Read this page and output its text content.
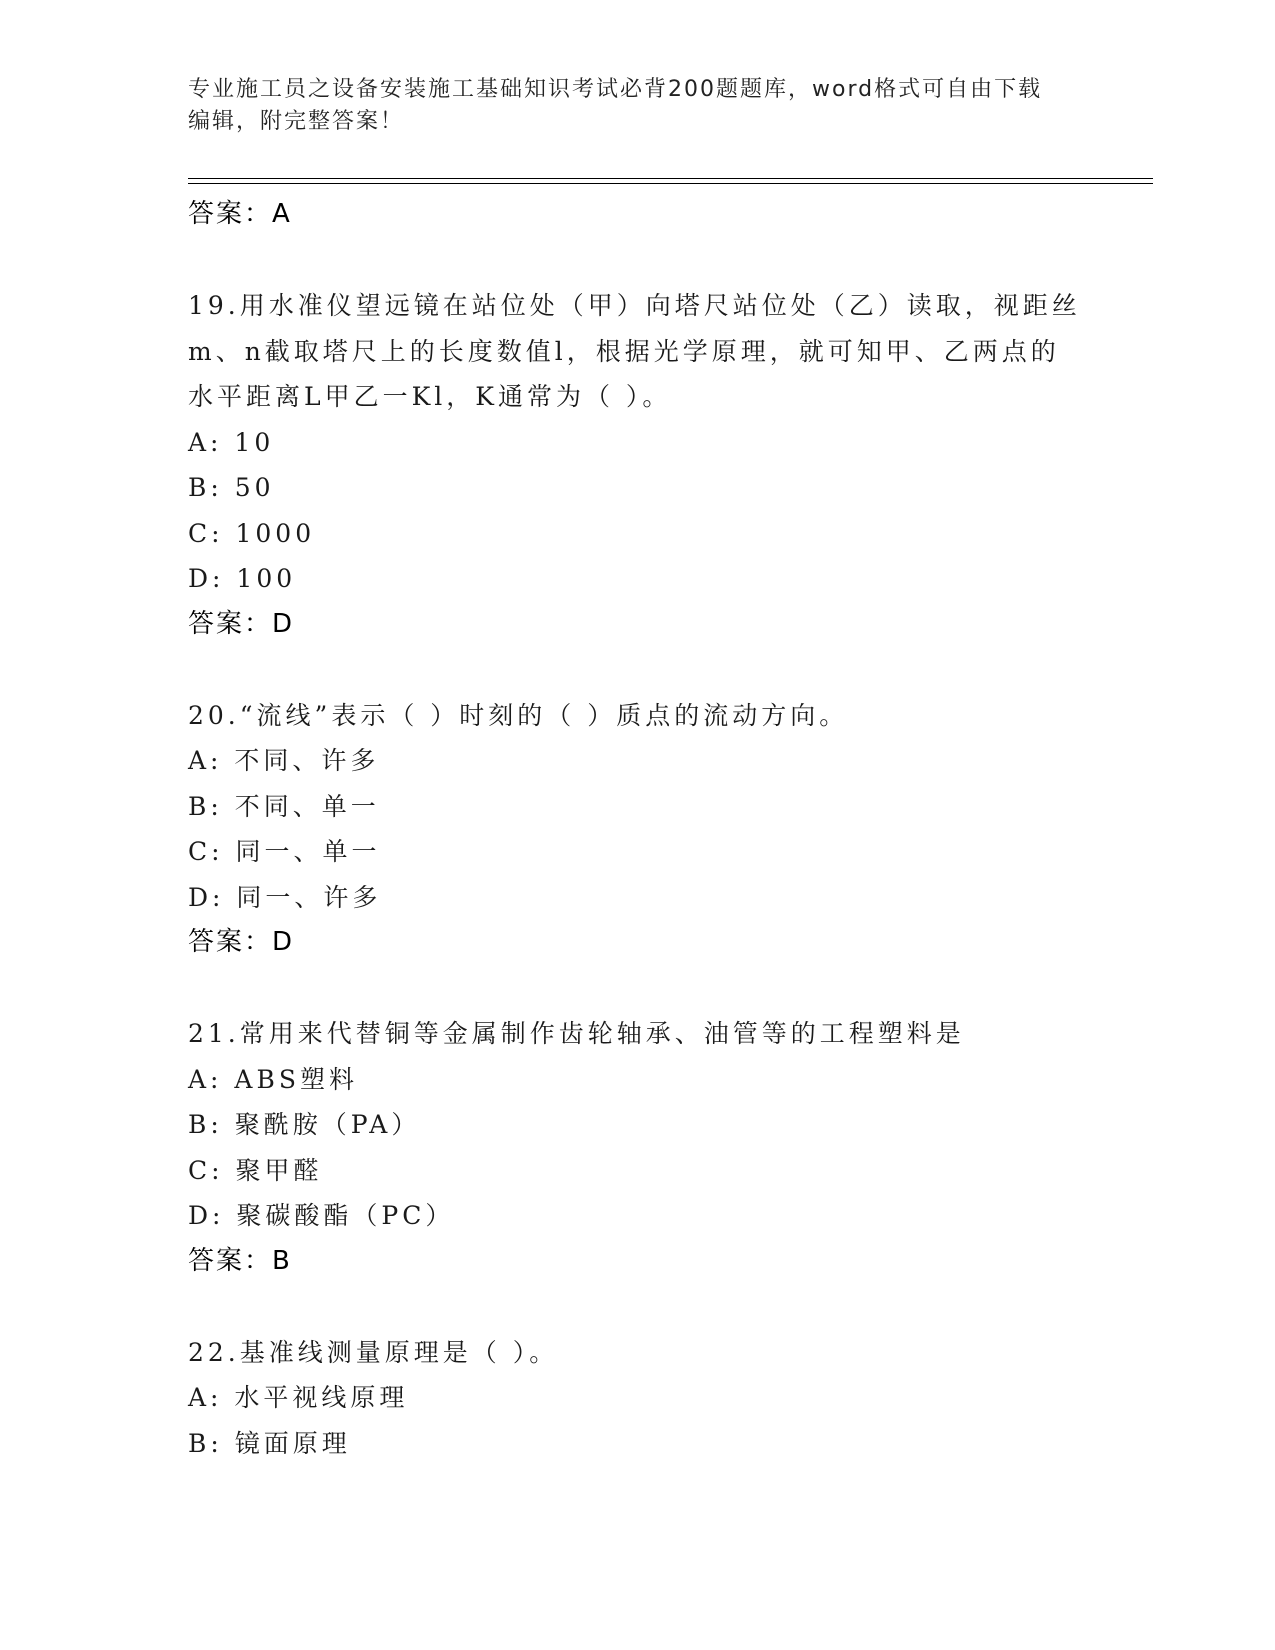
专业施工员之设备安装施工基础知识考试必背200题题库，word格式可自由下载
编辑，附完整答案！
答案：A
19.用水准仪望远镜在站位处（甲）向塔尺站位处（乙）读取，视距丝
m、n截取塔尺上的长度数值l，根据光学原理，就可知甲、乙两点的
水平距离L甲乙一Kl，K通常为（ ）。
A: 10
B: 50
C: 1000
D: 100
答案：D
20.“流线”表示（ ）时刻的（ ）质点的流动方向。
A: 不同、许多
B: 不同、单一
C: 同一、单一
D: 同一、许多
答案：D
21.常用来代替铜等金属制作齿轮轴承、油管等的工程塑料是
A: ABS塑料
B: 聚酰胺（PA）
C: 聚甲醛
D: 聚碳酸酯（PC）
答案：B
22.基准线测量原理是（ ）。
A: 水平视线原理
B: 镜面原理
